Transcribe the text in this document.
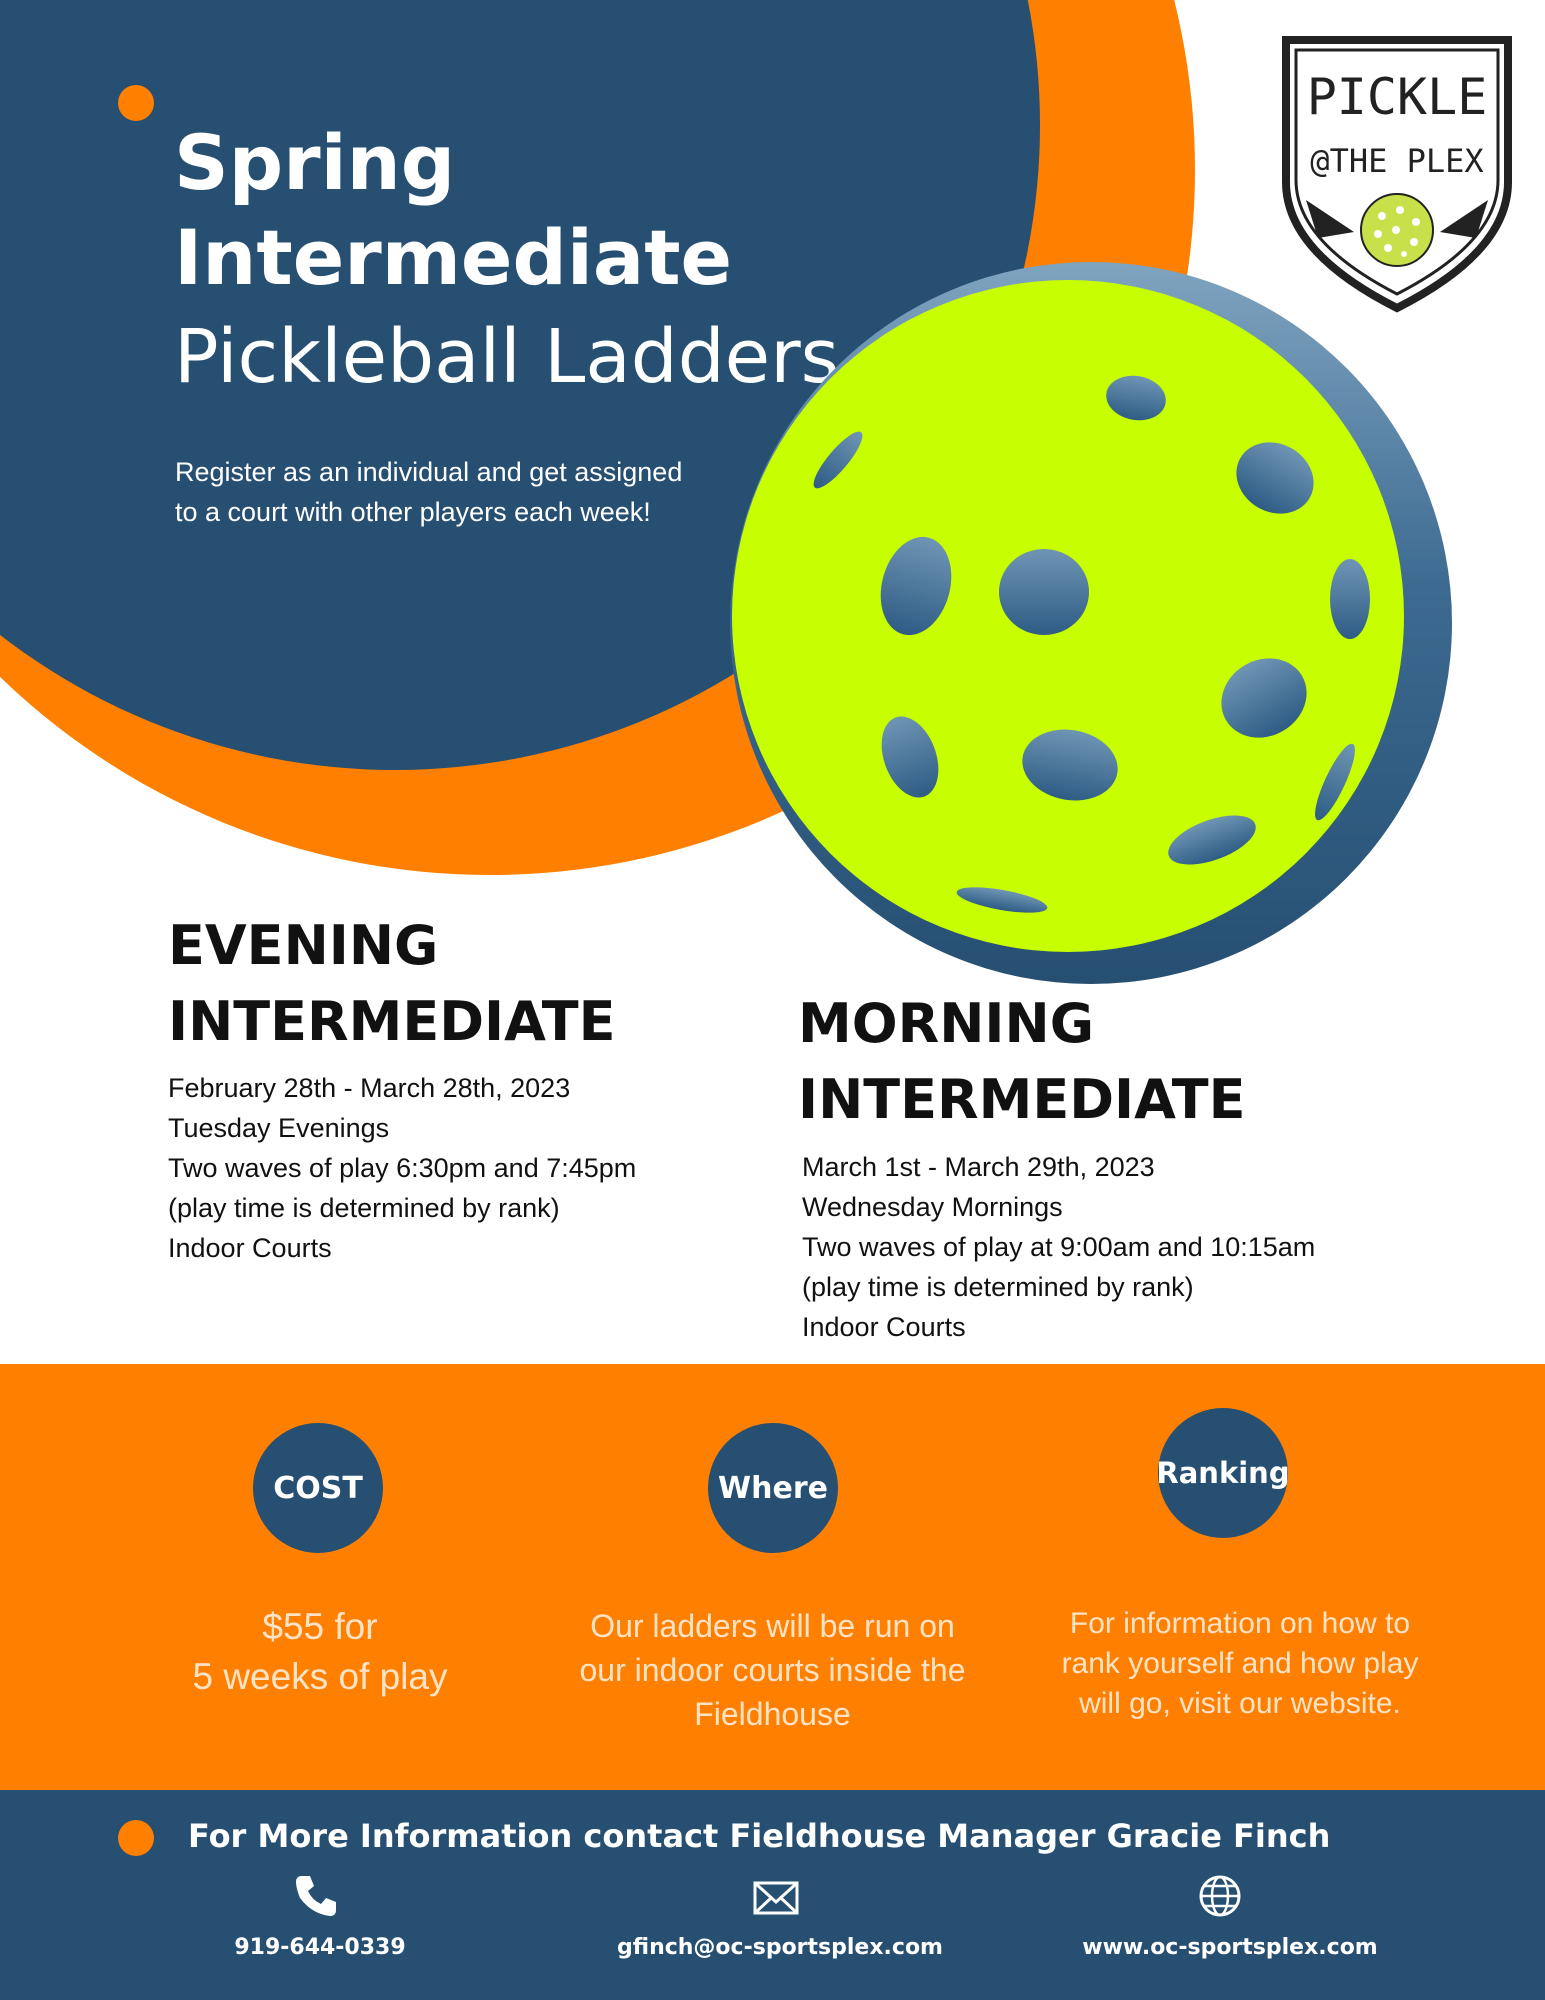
Spring
Intermediate
Pickleball Ladders

Register as an individual and get assigned to a court with other players each week!

PICKLE
@THE PLEX
EVENING
INTERMEDIATE
February 28th - March 28th, 2023
Tuesday Evenings
Two waves of play 6:30pm and 7:45pm
(play time is determined by rank)
Indoor Courts
MORNING
INTERMEDIATE
March 1st - March 29th, 2023
Wednesday Mornings
Two waves of play at 9:00am and 10:15am
(play time is determined by rank)
Indoor Courts
COST	Where	Ranking
$55 for
5 weeks of play
Our ladders will be run on our indoor courts inside the Fieldhouse
For information on how to rank yourself and how play will go, visit our website.
For More Information contact Fieldhouse Manager Gracie Finch
919-644-0339	gfinch@oc-sportsplex.com	www.oc-sportsplex.com
